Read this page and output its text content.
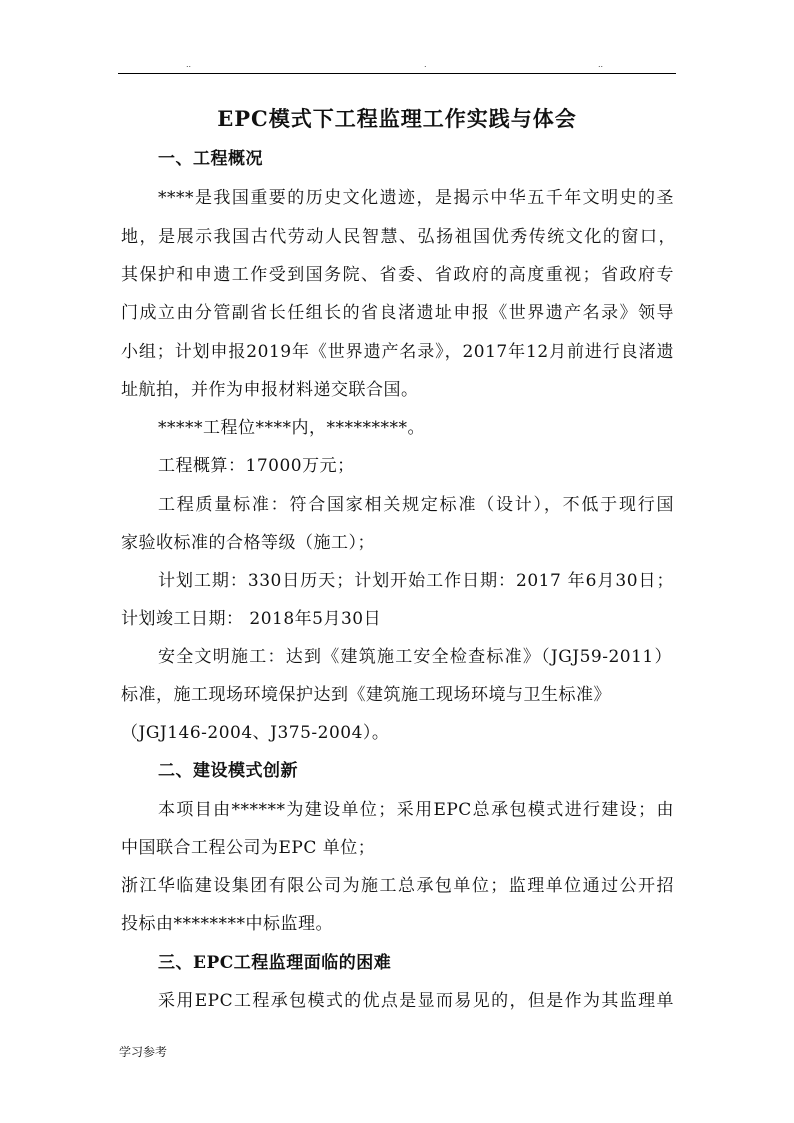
..	.	..
EPC模式下工程监理工作实践与体会
一、工程概况
****是我国重要的历史文化遗迹，是揭示中华五千年文明史的圣
地，是展示我国古代劳动人民智慧、弘扬祖国优秀传统文化的窗口，
其保护和申遗工作受到国务院、省委、省政府的高度重视；省政府专
门成立由分管副省长任组长的省良渚遗址申报《世界遗产名录》领导
小组；计划申报2019年《世界遗产名录》，2017年12月前进行良渚遗
址航拍，并作为申报材料递交联合国。
*****工程位****内，*********。
工程概算：17000万元；
工程质量标准：符合国家相关规定标准（设计），不低于现行国
家验收标准的合格等级（施工）；
计划工期：330日历天；计划开始工作日期：2017 年6月30日；
计划竣工日期： 2018年5月30日
安全文明施工：达到《建筑施工安全检查标准》（JGJ59-2011）
标准，施工现场环境保护达到《建筑施工现场环境与卫生标准》
（JGJ146-2004、J375-2004）。
二、建设模式创新
本项目由******为建设单位；采用EPC总承包模式进行建设；由
中国联合工程公司为EPC 单位；
浙江华临建设集团有限公司为施工总承包单位；监理单位通过公开招
投标由********中标监理。
三、EPC工程监理面临的困难
采用EPC工程承包模式的优点是显而易见的，但是作为其监理单
学习参考
